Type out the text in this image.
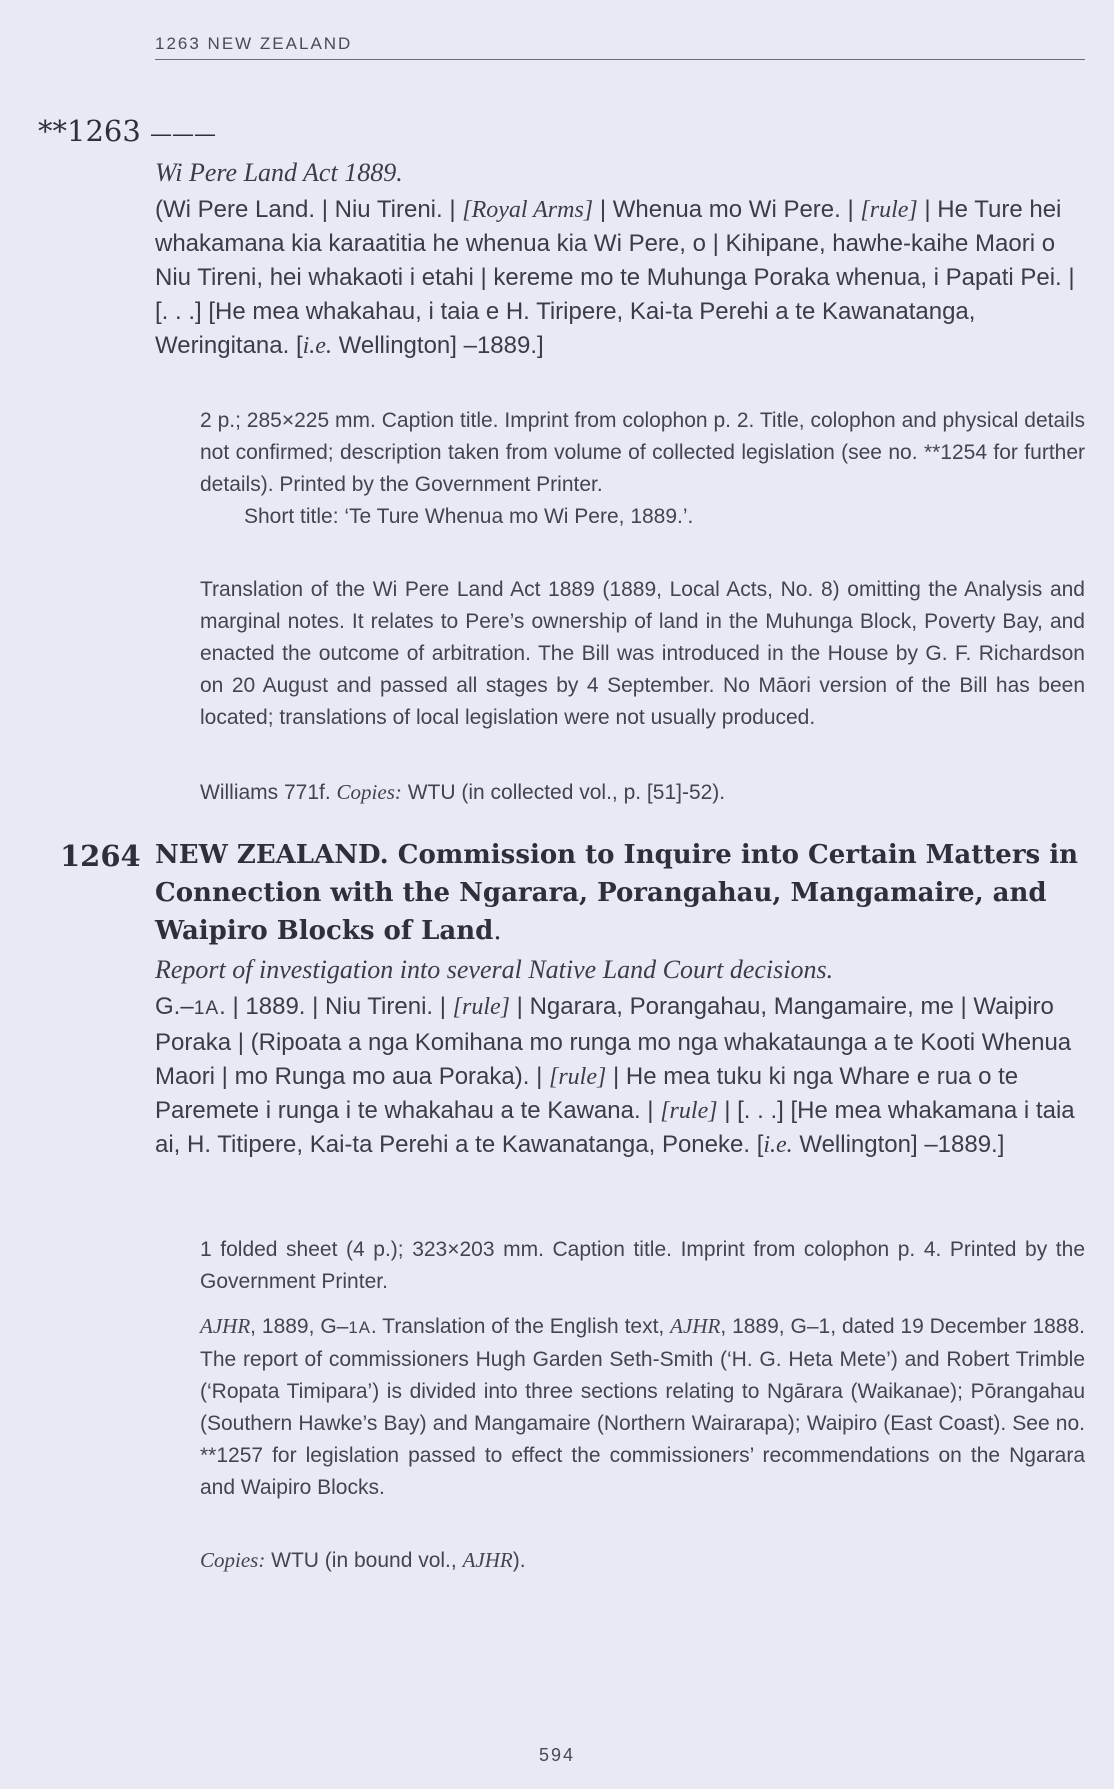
1263 NEW ZEALAND
**1263 ———
Wi Pere Land Act 1889.
(Wi Pere Land. | Niu Tireni. | [Royal Arms] | Whenua mo Wi Pere. | [rule] | He Ture hei whakamana kia karaatitia he whenua kia Wi Pere, o | Kihipane, hawhe-kaihe Maori o Niu Tireni, hei whakaoti i etahi | kereme mo te Muhunga Poraka whenua, i Papati Pei. | [. . .] [He mea whakahau, i taia e H. Tiripere, Kai-ta Perehi a te Kawanatanga, Weringitana. [i.e. Wellington] –1889.]

2 p.; 285×225 mm. Caption title. Imprint from colophon p. 2. Title, colophon and physical details not confirmed; description taken from volume of collected legislation (see no. **1254 for further details). Printed by the Government Printer.

Short title: ‘Te Ture Whenua mo Wi Pere, 1889.’.

Translation of the Wi Pere Land Act 1889 (1889, Local Acts, No. 8) omitting the Analysis and marginal notes. It relates to Pere’s ownership of land in the Muhunga Block, Poverty Bay, and enacted the outcome of arbitration. The Bill was introduced in the House by G. F. Richardson on 20 August and passed all stages by 4 September. No Māori version of the Bill has been located; translations of local legislation were not usually produced.

Williams 771f. Copies: WTU (in collected vol., p. [51]-52).

1264 NEW ZEALAND. Commission to Inquire into Certain Matters in Connection with the Ngarara, Porangahau, Mangamaire, and Waipiro Blocks of Land.
Report of investigation into several Native Land Court decisions.
G.–1A. | 1889. | Niu Tireni. | [rule] | Ngarara, Porangahau, Mangamaire, me | Waipiro Poraka | (Ripoata a nga Komihana mo runga mo nga whakataunga a te Kooti Whenua Maori | mo Runga mo aua Poraka). | [rule] | He mea tuku ki nga Whare e rua o te Paremete i runga i te whakahau a te Kawana. | [rule] | [. . .] [He mea whakamana i taia ai, H. Titipere, Kai-ta Perehi a te Kawanatanga, Poneke. [i.e. Wellington] –1889.]

1 folded sheet (4 p.); 323×203 mm. Caption title. Imprint from colophon p. 4. Printed by the Government Printer.

AJHR, 1889, G–1A. Translation of the English text, AJHR, 1889, G–1, dated 19 December 1888. The report of commissioners Hugh Garden Seth-Smith (‘H. G. Heta Mete’) and Robert Trimble (‘Ropata Timipara’) is divided into three sections relating to Ngārara (Waikanae); Pōrangahau (Southern Hawke’s Bay) and Mangamaire (Northern Wairarapa); Waipiro (East Coast). See no. **1257 for legislation passed to effect the commissioners’ recommendations on the Ngarara and Waipiro Blocks.

Copies: WTU (in bound vol., AJHR).

594
